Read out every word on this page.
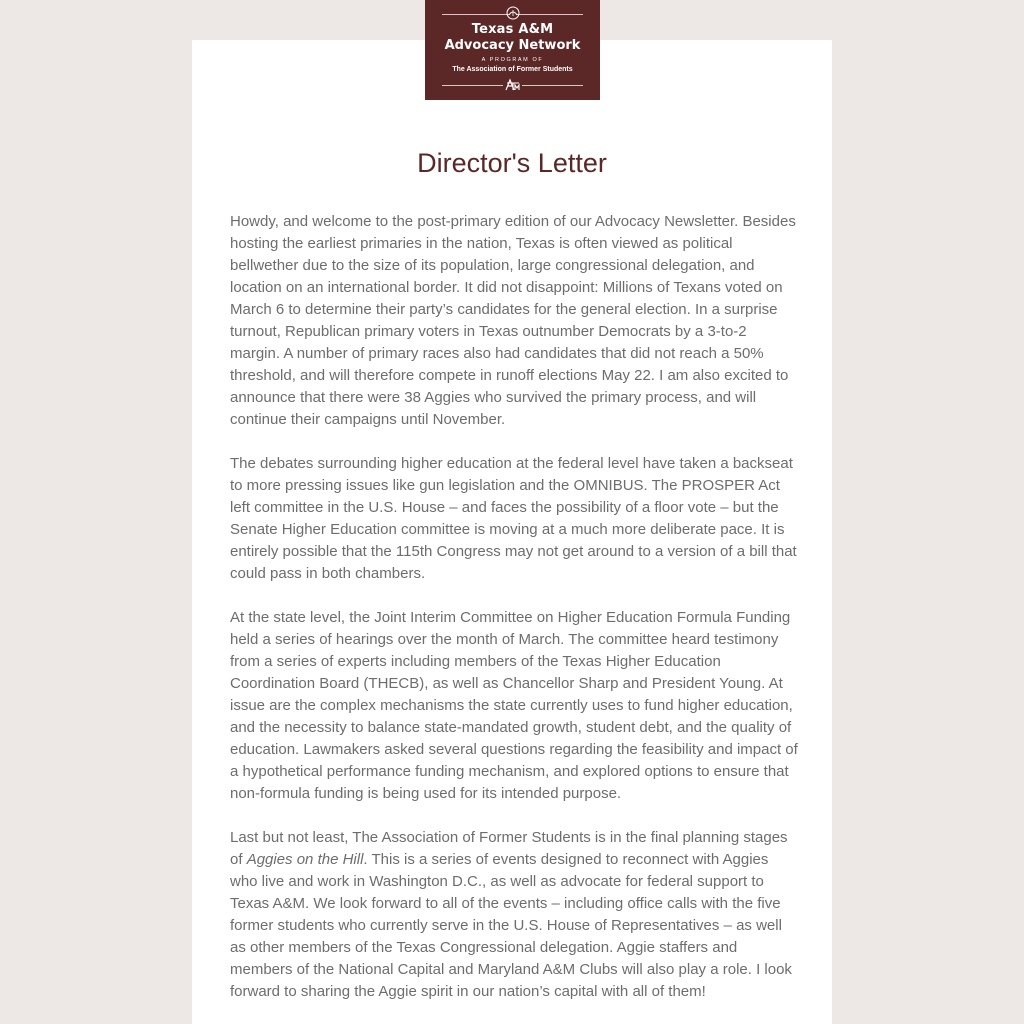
Texas A&M
Advocacy Network
A PROGRAM OF
The Association of Former Students
Director's Letter

Howdy, and welcome to the post-primary edition of our Advocacy Newsletter. Besides hosting the earliest primaries in the nation, Texas is often viewed as political bellwether due to the size of its population, large congressional delegation, and location on an international border. It did not disappoint: Millions of Texans voted on March 6 to determine their party’s candidates for the general election. In a surprise turnout, Republican primary voters in Texas outnumber Democrats by a 3-to-2 margin. A number of primary races also had candidates that did not reach a 50% threshold, and will therefore compete in runoff elections May 22. I am also excited to announce that there were 38 Aggies who survived the primary process, and will continue their campaigns until November.

The debates surrounding higher education at the federal level have taken a backseat to more pressing issues like gun legislation and the OMNIBUS. The PROSPER Act left committee in the U.S. House – and faces the possibility of a floor vote – but the Senate Higher Education committee is moving at a much more deliberate pace. It is entirely possible that the 115th Congress may not get around to a version of a bill that could pass in both chambers.

At the state level, the Joint Interim Committee on Higher Education Formula Funding held a series of hearings over the month of March. The committee heard testimony from a series of experts including members of the Texas Higher Education Coordination Board (THECB), as well as Chancellor Sharp and President Young. At issue are the complex mechanisms the state currently uses to fund higher education, and the necessity to balance state-mandated growth, student debt, and the quality of education. Lawmakers asked several questions regarding the feasibility and impact of a hypothetical performance funding mechanism, and explored options to ensure that non-formula funding is being used for its intended purpose.

Last but not least, The Association of Former Students is in the final planning stages of Aggies on the Hill. This is a series of events designed to reconnect with Aggies who live and work in Washington D.C., as well as advocate for federal support to Texas A&M. We look forward to all of the events – including office calls with the five former students who currently serve in the U.S. House of Representatives – as well as other members of the Texas Congressional delegation. Aggie staffers and members of the National Capital and Maryland A&M Clubs will also play a role. I look forward to sharing the Aggie spirit in our nation’s capital with all of them!
